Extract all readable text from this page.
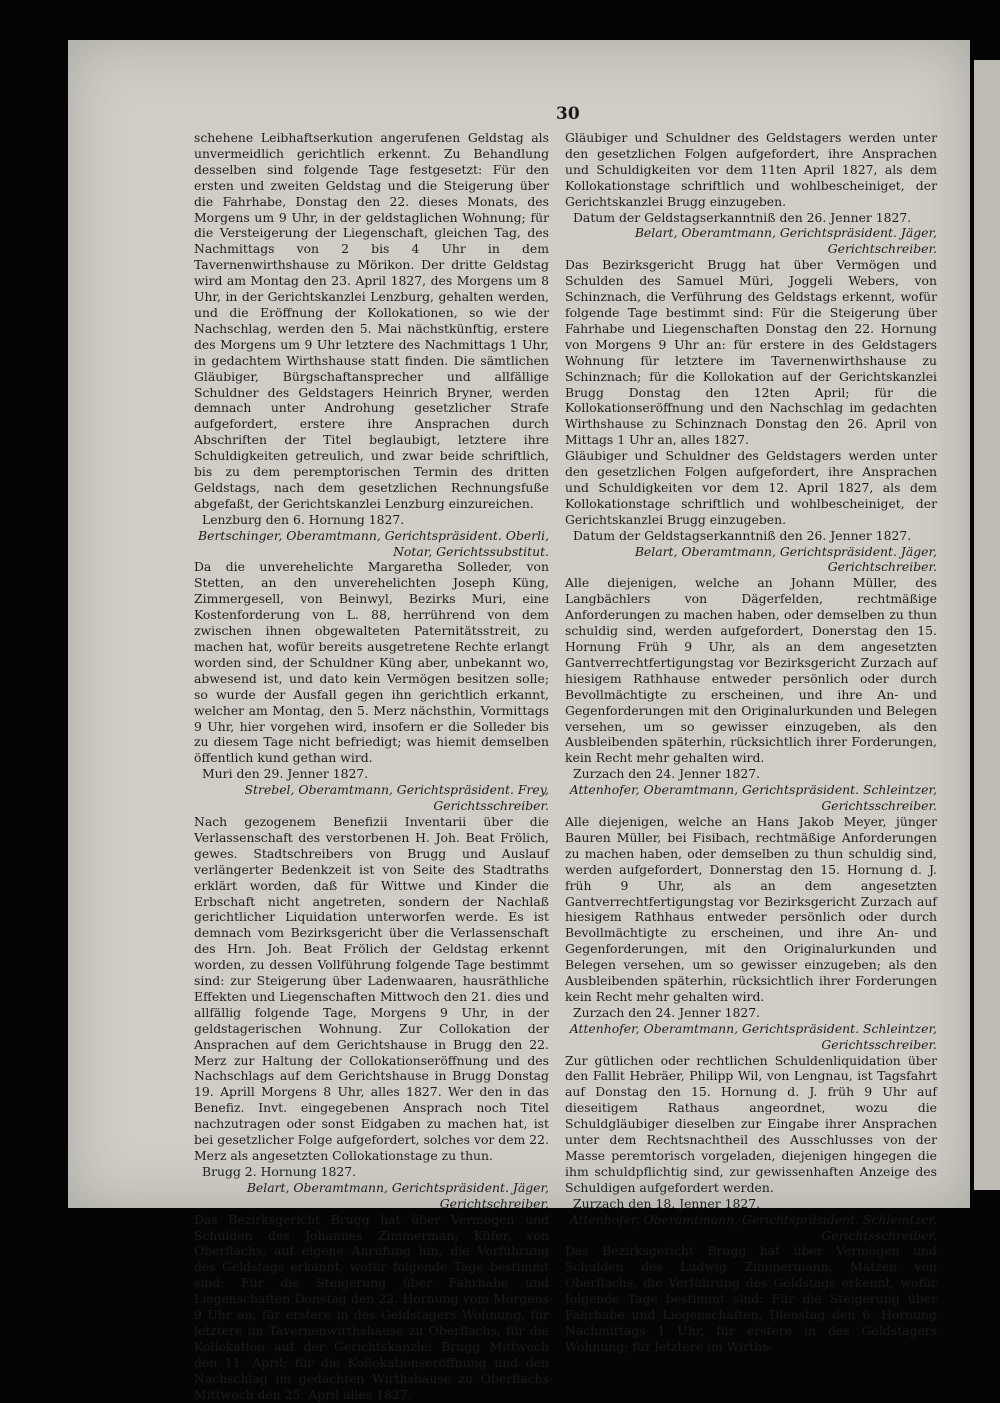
30

schehene Leibhaftserkution angerufenen Geldstag als unvermeidlich gerichtlich erkennt. Zu Behandlung desselben sind folgende Tage festgesetzt: Für den ersten und zweiten Geldstag und die Steigerung über die Fahrhabe, Donstag den 22. dieses Monats, des Morgens um 9 Uhr, in der geldstaglichen Wohnung; für die Versteigerung der Liegenschaft, gleichen Tag, des Nachmittags von 2 bis 4 Uhr in dem Tavernenwirthshause zu Mörikon. Der dritte Geldstag wird am Montag den 23. April 1827, des Morgens um 8 Uhr, in der Gerichtskanzlei Lenzburg, gehalten werden, und die Eröffnung der Kollokationen, so wie der Nachschlag, werden den 5. Mai nächstkünftig, erstere des Morgens um 9 Uhr letztere des Nachmittags 1 Uhr, in gedachtem Wirthshause statt finden. Die sämtlichen Gläubiger, Bürgschaftansprecher und allfällige Schuldner des Geldstagers Heinrich Bryner, werden demnach unter Androhung gesetzlicher Strafe aufgefordert, erstere ihre Ansprachen durch Abschriften der Titel beglaubigt, letztere ihre Schuldigkeiten getreulich, und zwar beide schriftlich, bis zu dem peremptorischen Termin des dritten Geldstags, nach dem gesetzlichen Rechnungsfuße abgefaßt, der Gerichtskanzlei Lenzburg einzureichen.

Lenzburg den 6. Hornung 1827.

Bertschinger, Oberamtmann, Gerichtspräsident. Oberli, Notar, Gerichtssubstitut.

Da die unverehelichte Margaretha Solleder, von Stetten, an den unverehelichten Joseph Küng, Zimmergesell, von Beinwyl, Bezirks Muri, eine Kostenforderung von L. 88, herrührend von dem zwischen ihnen obgewalteten Paternitätsstreit, zu machen hat, wofür bereits ausgetretene Rechte erlangt worden sind, der Schuldner Küng aber, unbekannt wo, abwesend ist, und dato kein Vermögen besitzen solle; so wurde der Ausfall gegen ihn gerichtlich erkannt, welcher am Montag, den 5. Merz nächsthin, Vormittags 9 Uhr, hier vorgehen wird, insofern er die Solleder bis zu diesem Tage nicht befriedigt; was hiemit demselben öffentlich kund gethan wird.

Muri den 29. Jenner 1827.

Strebel, Oberamtmann, Gerichtspräsident. Frey, Gerichtsschreiber.

Nach gezogenem Benefizii Inventarii über die Verlassenschaft des verstorbenen H. Joh. Beat Frölich, gewes. Stadtschreibers von Brugg und Auslauf verlängerter Bedenkzeit ist von Seite des Stadtraths erklärt worden, daß für Wittwe und Kinder die Erbschaft nicht angetreten, sondern der Nachlaß gerichtlicher Liquidation unterworfen werde. Es ist demnach vom Bezirksgericht über die Verlassenschaft des Hrn. Joh. Beat Frölich der Geldstag erkennt worden, zu dessen Vollführung folgende Tage bestimmt sind: zur Steigerung über Ladenwaaren, hausräthliche Effekten und Liegenschaften Mittwoch den 21. dies und allfällig folgende Tage, Morgens 9 Uhr, in der geldstagerischen Wohnung. Zur Collokation der Ansprachen auf dem Gerichtshause in Brugg den 22. Merz zur Haltung der Collokationseröffnung und des Nachschlags auf dem Gerichtshause in Brugg Donstag 19. Aprill Morgens 8 Uhr, alles 1827. Wer den in das Benefiz. Invt. eingegebenen Ansprach noch Titel nachzutragen oder sonst Eidgaben zu machen hat, ist bei gesetzlicher Folge aufgefordert, solches vor dem 22. Merz als angesetzten Collokationstage zu thun.

Brugg 2. Hornung 1827.

Belart, Oberamtmann, Gerichtspräsident. Jäger, Gerichtschreiber.

Das Bezirksgericht Brugg hat über Vermögen und Schulden des Johannes Zimmerman, Küfer, von Oberflachs, auf eigene Anrufung hin, die Vorführung des Geldstags erkannt, wofür folgende Tage bestimmt sind: Für die Steigerung über Fahrhabe und Liegenschaften Donstag den 22. Hornung vom Morgens 9 Uhr an, für erstere in des Geldstagers Wohnung, für letztere im Tavernenwirthshause zu Oberflachs, für die Kollokation auf der Gerichtskanzlei Brugg Mittwoch den 11. April; für die Kollokationseröffnung und den Nachschlag im gedachten Wirthshause zu Oberflachs Mittwoch den 25. April alles 1827.

Gläubiger und Schuldner des Geldstagers werden unter den gesetzlichen Folgen aufgefordert, ihre Ansprachen und Schuldigkeiten vor dem 11ten April 1827, als dem Kollokationstage schriftlich und wohlbescheiniget, der Gerichtskanzlei Brugg einzugeben.

Datum der Geldstagserkanntniß den 26. Jenner 1827.

Belart, Oberamtmann, Gerichtspräsident. Jäger, Gerichtschreiber.

Das Bezirksgericht Brugg hat über Vermögen und Schulden des Samuel Müri, Joggeli Webers, von Schinznach, die Verführung des Geldstags erkennt, wofür folgende Tage bestimmt sind: Für die Steigerung über Fahrhabe und Liegenschaften Donstag den 22. Hornung von Morgens 9 Uhr an: für erstere in des Geldstagers Wohnung für letztere im Tavernenwirthshause zu Schinznach; für die Kollokation auf der Gerichtskanzlei Brugg Donstag den 12ten April; für die Kollokationseröffnung und den Nachschlag im gedachten Wirthshause zu Schinznach Donstag den 26. April von Mittags 1 Uhr an, alles 1827.

Gläubiger und Schuldner des Geldstagers werden unter den gesetzlichen Folgen aufgefordert, ihre Ansprachen und Schuldigkeiten vor dem 12. April 1827, als dem Kollokationstage schriftlich und wohlbescheiniget, der Gerichtskanzlei Brugg einzugeben.

Datum der Geldstagserkanntniß den 26. Jenner 1827.

Belart, Oberamtmann, Gerichtspräsident. Jäger, Gerichtschreiber.

Alle diejenigen, welche an Johann Müller, des Langbächlers von Dägerfelden, rechtmäßige Anforderungen zu machen haben, oder demselben zu thun schuldig sind, werden aufgefordert, Donerstag den 15. Hornung Früh 9 Uhr, als an dem angesetzten Gantverrechtfertigungstag vor Bezirksgericht Zurzach auf hiesigem Rathhause entweder persönlich oder durch Bevollmächtigte zu erscheinen, und ihre An- und Gegenforderungen mit den Originalurkunden und Belegen versehen, um so gewisser einzugeben, als den Ausbleibenden späterhin, rücksichtlich ihrer Forderungen, kein Recht mehr gehalten wird.

Zurzach den 24. Jenner 1827.

Attenhofer, Oberamtmann, Gerichtspräsident. Schleintzer, Gerichtsschreiber.

Alle diejenigen, welche an Hans Jakob Meyer, jünger Bauren Müller, bei Fisibach, rechtmäßige Anforderungen zu machen haben, oder demselben zu thun schuldig sind, werden aufgefordert, Donnerstag den 15. Hornung d. J. früh 9 Uhr, als an dem angesetzten Gantverrechtfertigungstag vor Bezirksgericht Zurzach auf hiesigem Rathhaus entweder persönlich oder durch Bevollmächtigte zu erscheinen, und ihre An- und Gegenforderungen, mit den Originalurkunden und Belegen versehen, um so gewisser einzugeben; als den Ausbleibenden späterhin, rücksichtlich ihrer Forderungen kein Recht mehr gehalten wird.

Zurzach den 24. Jenner 1827.

Attenhofer, Oberamtmann, Gerichtspräsident. Schleintzer, Gerichtsschreiber.

Zur gütlichen oder rechtlichen Schuldenliquidation über den Fallit Hebräer, Philipp Wil, von Lengnau, ist Tagsfahrt auf Donstag den 15. Hornung d. J. früh 9 Uhr auf dieseitigem Rathaus angeordnet, wozu die Schuldgläubiger dieselben zur Eingabe ihrer Ansprachen unter dem Rechtsnachtheil des Ausschlusses von der Masse peremtorisch vorgeladen, diejenigen hingegen die ihm schuldpflichtig sind, zur gewissenhaften Anzeige des Schuldigen aufgefordert werden.

Zurzach den 18. Jenner 1827.

Attenhofer, Oberamtmann, Gerichtspräsident. Schleintzer, Gerichtsschreiber.

Das Bezirksgericht Brugg hat über Vermögen und Schulden des Ludwig Zimmermann, Matzen von Oberflachs, die Verführung des Geldstags erkennt, wofür folgende Tage bestimmt sind: Für die Steigerung über Fahrhabe und Liegenschaften, Dienstag den 6. Hornung Nachmittags 1 Uhr, für erstere in des Geldstagers Wohnung; für letztere im Wirths-
